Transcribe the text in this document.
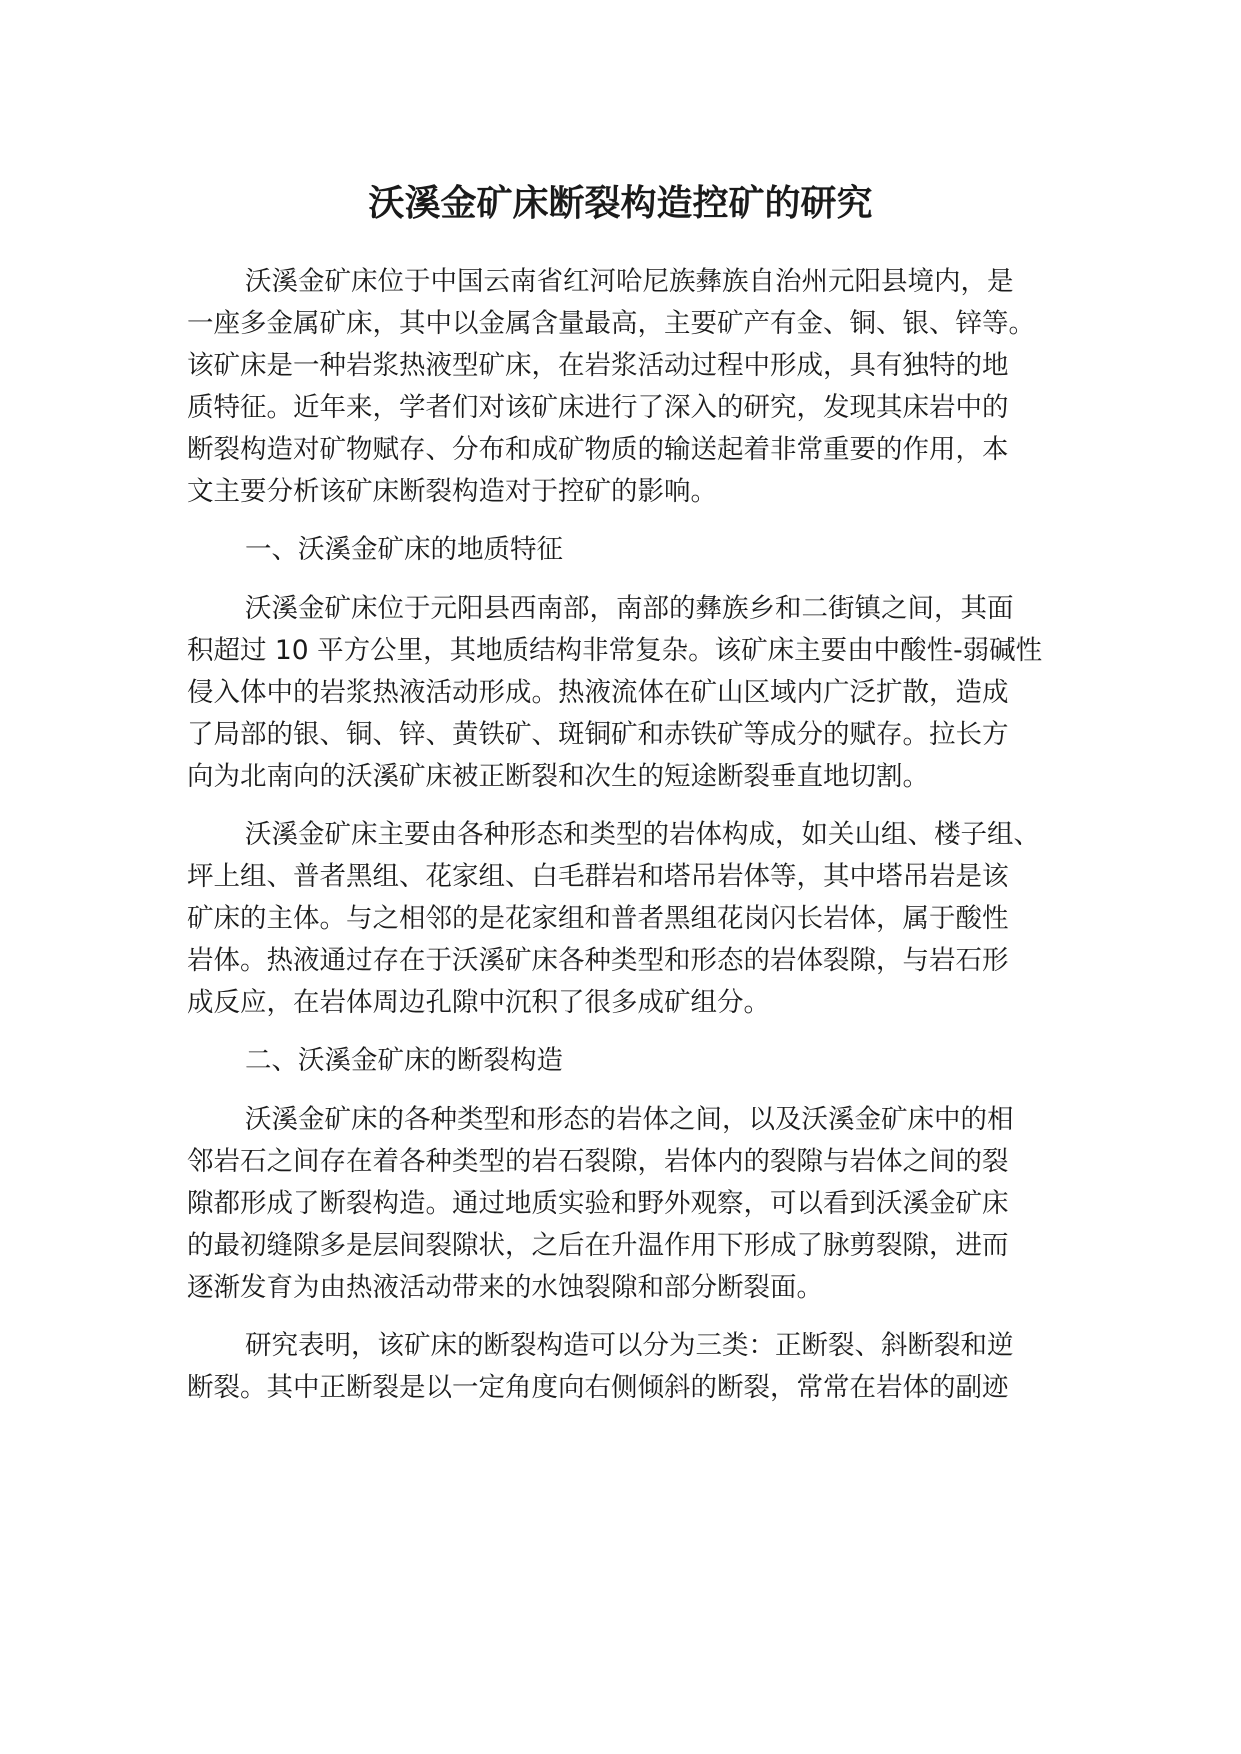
沃溪金矿床断裂构造控矿的研究

沃溪金矿床位于中国云南省红河哈尼族彝族自治州元阳县境内，是

一座多金属矿床，其中以金属含量最高，主要矿产有金、铜、银、锌等。

该矿床是一种岩浆热液型矿床，在岩浆活动过程中形成，具有独特的地

质特征。近年来，学者们对该矿床进行了深入的研究，发现其床岩中的

断裂构造对矿物赋存、分布和成矿物质的输送起着非常重要的作用，本

文主要分析该矿床断裂构造对于控矿的影响。

一、沃溪金矿床的地质特征

沃溪金矿床位于元阳县西南部，南部的彝族乡和二街镇之间，其面

积超过 10 平方公里，其地质结构非常复杂。该矿床主要由中酸性-弱碱性

侵入体中的岩浆热液活动形成。热液流体在矿山区域内广泛扩散，造成

了局部的银、铜、锌、黄铁矿、斑铜矿和赤铁矿等成分的赋存。拉长方

向为北南向的沃溪矿床被正断裂和次生的短途断裂垂直地切割。

沃溪金矿床主要由各种形态和类型的岩体构成，如关山组、楼子组、

坪上组、普者黑组、花家组、白毛群岩和塔吊岩体等，其中塔吊岩是该

矿床的主体。与之相邻的是花家组和普者黑组花岗闪长岩体，属于酸性

岩体。热液通过存在于沃溪矿床各种类型和形态的岩体裂隙，与岩石形

成反应，在岩体周边孔隙中沉积了很多成矿组分。

二、沃溪金矿床的断裂构造

沃溪金矿床的各种类型和形态的岩体之间，以及沃溪金矿床中的相

邻岩石之间存在着各种类型的岩石裂隙，岩体内的裂隙与岩体之间的裂

隙都形成了断裂构造。通过地质实验和野外观察，可以看到沃溪金矿床

的最初缝隙多是层间裂隙状，之后在升温作用下形成了脉剪裂隙，进而

逐渐发育为由热液活动带来的水蚀裂隙和部分断裂面。

研究表明，该矿床的断裂构造可以分为三类：正断裂、斜断裂和逆

断裂。其中正断裂是以一定角度向右侧倾斜的断裂，常常在岩体的副迹
